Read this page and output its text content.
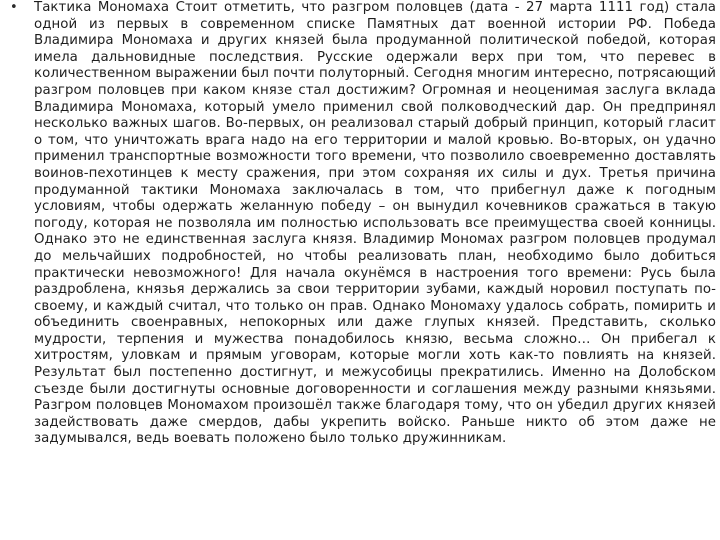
•	Тактика Мономаха Стоит отметить, что разгром половцев (дата - 27 марта 1111 год) стала одной из первых в современном списке Памятных дат военной истории РФ. Победа Владимира Мономаха и других князей была продуманной политической победой, которая имела дальновидные последствия. Русские одержали верх при том, что перевес в количественном выражении был почти полуторный. Сегодня многим интересно, потрясающий разгром половцев при каком князе стал достижим? Огромная и неоценимая заслуга вклада Владимира Мономаха, который умело применил свой полководческий дар. Он предпринял несколько важных шагов. Во-первых, он реализовал старый добрый принцип, который гласит о том, что уничтожать врага надо на его территории и малой кровью. Во-вторых, он удачно применил транспортные возможности того времени, что позволило своевременно доставлять воинов-пехотинцев к месту сражения, при этом сохраняя их силы и дух. Третья причина продуманной тактики Мономаха заключалась в том, что прибегнул даже к погодным условиям, чтобы одержать желанную победу – он вынудил кочевников сражаться в такую погоду, которая не позволяла им полностью использовать все преимущества своей конницы. Однако это не единственная заслуга князя. Владимир Мономах разгром половцев продумал до мельчайших подробностей, но чтобы реализовать план, необходимо было добиться практически невозможного! Для начала окунёмся в настроения того времени: Русь была раздроблена, князья держались за свои территории зубами, каждый норовил поступать по-своему, и каждый считал, что только он прав. Однако Мономаху удалось собрать, помирить и объединить своенравных, непокорных или даже глупых князей. Представить, сколько мудрости, терпения и мужества понадобилось князю, весьма сложно… Он прибегал к хитростям, уловкам и прямым уговорам, которые могли хоть как-то повлиять на князей. Результат был постепенно достигнут, и межусобицы прекратились. Именно на Долобском съезде были достигнуты основные договоренности и соглашения между разными князьями. Разгром половцев Мономахом произошёл также благодаря тому, что он убедил других князей задействовать даже смердов, дабы укрепить войско. Раньше никто об этом даже не задумывался, ведь воевать положено было только дружинникам.
